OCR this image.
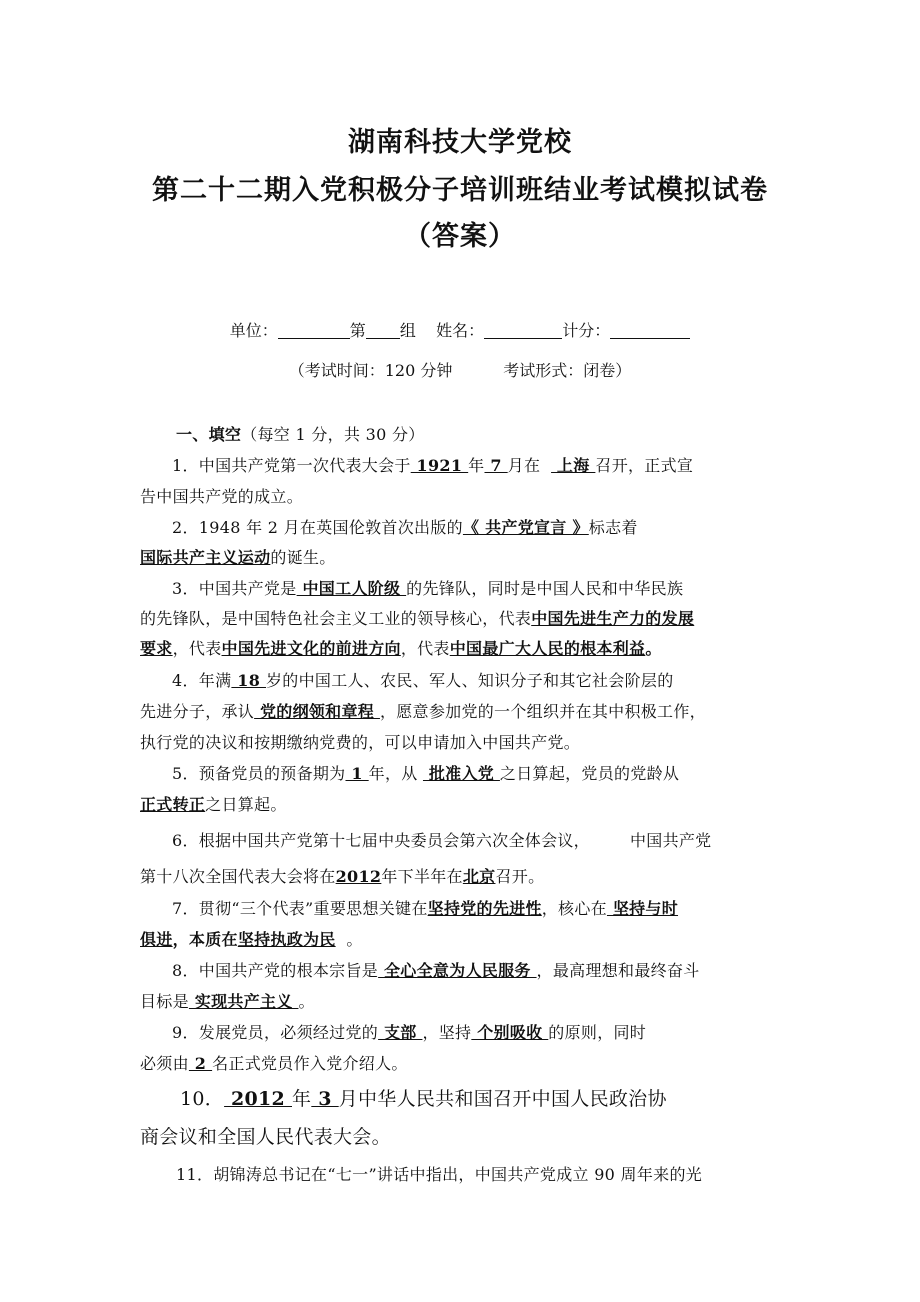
湖南科技大学党校
第二十二期入党积极分子培训班结业考试模拟试卷
（答案）
单位：	第 组 姓名：	计分：
（考试时间：120 分钟	考试形式：闭卷）
一、填空（每空 1 分，共 30 分）
1．中国共产党第一次代表大会于 1921 年 7 月在   上海 召开，正式宣
告中国共产党的成立。
2．1948 年 2 月在英国伦敦首次出版的《 共产党宣言 》标志着
国际共产主义运动的诞生。
3．中国共产党是 中国工人阶级 的先锋队，同时是中国人民和中华民族
的先锋队，是中国特色社会主义工业的领导核心，代表中国先进生产力的发展
要求，代表中国先进文化的前进方向，代表中国最广大人民的根本利益。
4．年满 18 岁的中国工人、农民、军人、知识分子和其它社会阶层的
先进分子，承认 党的纲领和章程 ，愿意参加党的一个组织并在其中积极工作，
执行党的决议和按期缴纳党费的，可以申请加入中国共产党。
5．预备党员的预备期为 1 年，从  批准入党 之日算起，党员的党龄从
正式转正之日算起。
6．根据中国共产党第十七届中央委员会第六次全体会议，	中国共产党
第十八次全国代表大会将在2012年下半年在北京召开。
7．贯彻“三个代表”重要思想关键在坚持党的先进性，核心在 坚持与时
俱进，本质在坚持执政为民 。
8．中国共产党的根本宗旨是 全心全意为人民服务 ，最高理想和最终奋斗
目标是 实现共产主义 。
9．发展党员，必须经过党的 支部 ，坚持 个别吸收 的原则，同时
必须由 2 名正式党员作入党介绍人。
10． 2012 年 3 月中华人民共和国召开中国人民政治协
商会议和全国人民代表大会。
11．胡锦涛总书记在“七一”讲话中指出，中国共产党成立 90 周年来的光
